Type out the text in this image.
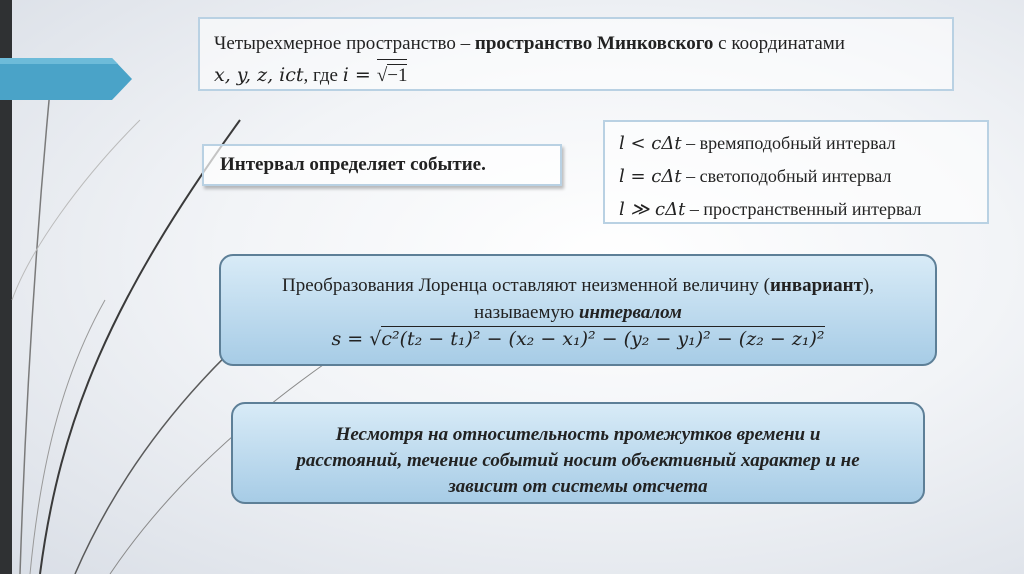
Четырехмерное пространство – пространство Минковского с координатами
x, y, z, ict, где i = √−1
Интервал определяет событие.
l < cΔt – времяподобный интервал
l = cΔt – светоподобный интервал
l ≫ cΔt – пространственный интервал
Преобразования Лоренца оставляют неизменной величину (инвариант),
называемую интервалом
s = √c²(t₂ − t₁)² − (x₂ − x₁)² − (y₂ − y₁)² − (z₂ − z₁)²
Несмотря на относительность промежутков времени и
расстояний, течение событий носит объективный характер и не
зависит от системы отсчета
